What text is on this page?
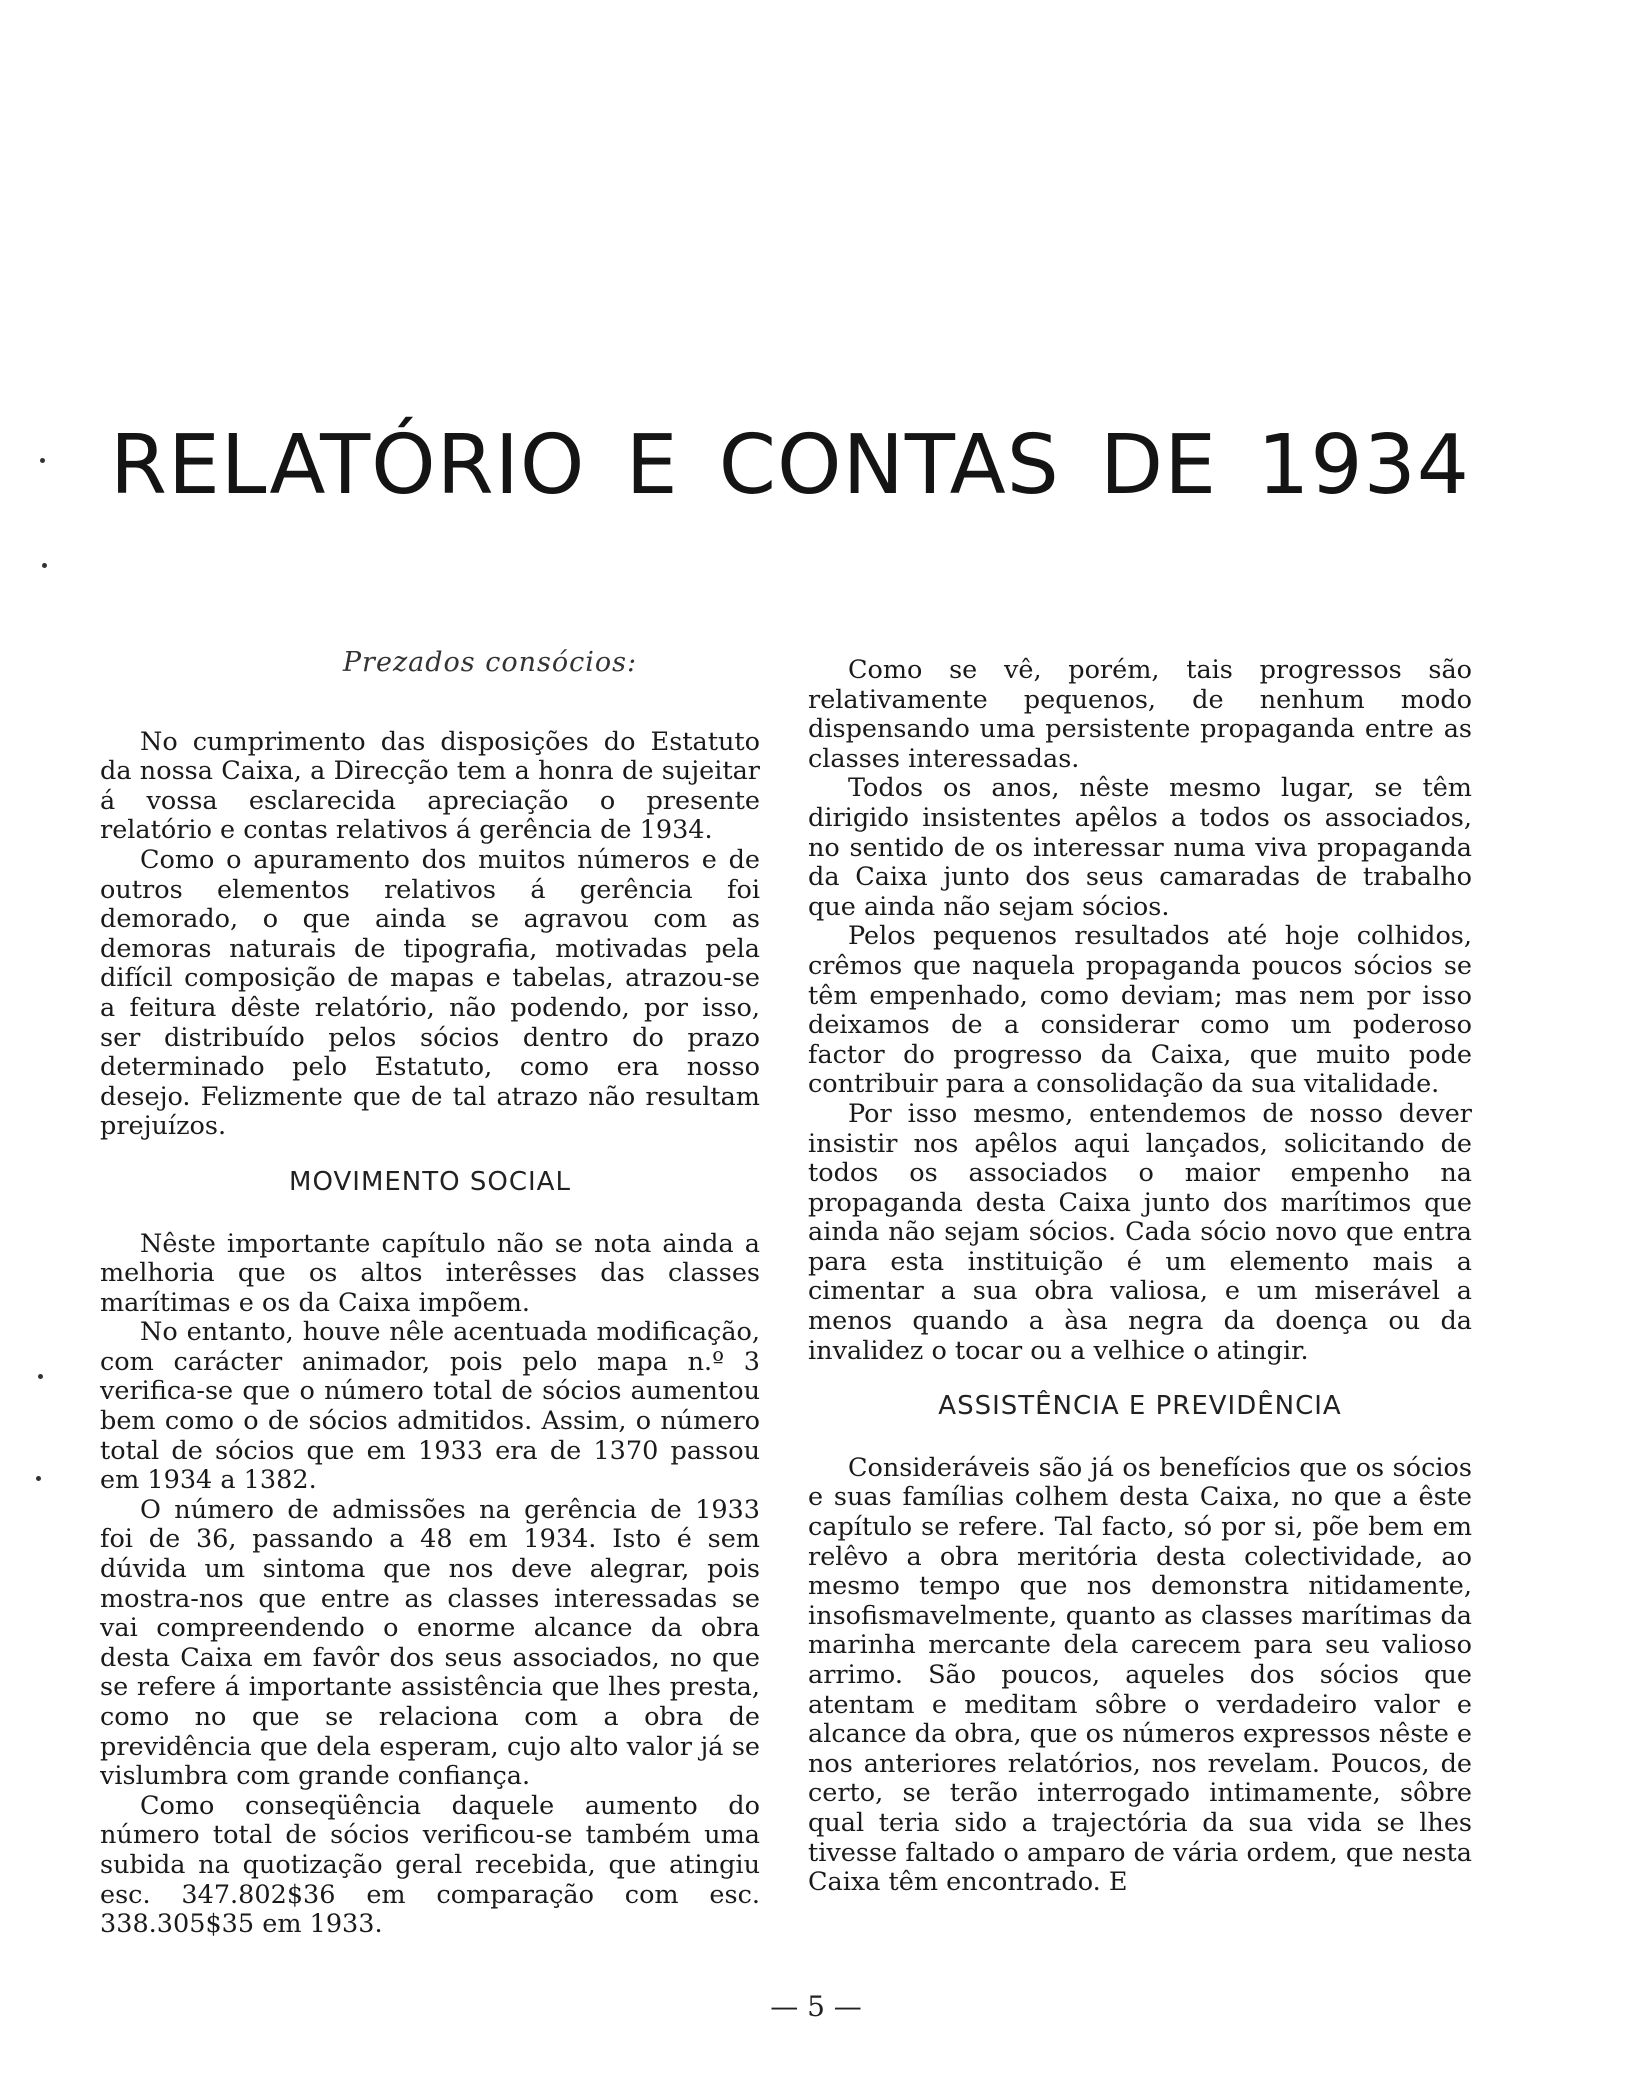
RELATÓRIO E CONTAS DE 1934

Prezados consócios:

No cumprimento das disposições do Estatuto da nossa Caixa, a Direcção tem a honra de sujeitar á vossa esclarecida apreciação o presente relatório e contas relativos á gerência de 1934.

Como o apuramento dos muitos números e de outros elementos relativos á gerência foi demorado, o que ainda se agravou com as demoras naturais de tipografia, motivadas pela difícil composição de mapas e tabelas, atrazou-se a feitura dêste relatório, não podendo, por isso, ser distribuído pelos sócios dentro do prazo determinado pelo Estatuto, como era nosso desejo. Felizmente que de tal atrazo não resultam prejuízos.

MOVIMENTO SOCIAL

Nêste importante capítulo não se nota ainda a melhoria que os altos interêsses das classes marítimas e os da Caixa impõem.

No entanto, houve nêle acentuada modificação, com carácter animador, pois pelo mapa n.º 3 verifica-se que o número total de sócios aumentou bem como o de sócios admitidos. Assim, o número total de sócios que em 1933 era de 1370 passou em 1934 a 1382.

O número de admissões na gerência de 1933 foi de 36, passando a 48 em 1934. Isto é sem dúvida um sintoma que nos deve alegrar, pois mostra-nos que entre as classes interessadas se vai compreendendo o enorme alcance da obra desta Caixa em favôr dos seus associados, no que se refere á importante assistência que lhes presta, como no que se relaciona com a obra de previdência que dela esperam, cujo alto valor já se vislumbra com grande confiança.

Como conseqüência daquele aumento do número total de sócios verificou-se também uma subida na quotização geral recebida, que atingiu esc. 347.802$36 em comparação com esc. 338.305$35 em 1933.

Como se vê, porém, tais progressos são relativamente pequenos, de nenhum modo dispensando uma persistente propaganda entre as classes interessadas.

Todos os anos, nêste mesmo lugar, se têm dirigido insistentes apêlos a todos os associados, no sentido de os interessar numa viva propaganda da Caixa junto dos seus camaradas de trabalho que ainda não sejam sócios.

Pelos pequenos resultados até hoje colhidos, crêmos que naquela propaganda poucos sócios se têm empenhado, como deviam; mas nem por isso deixamos de a considerar como um poderoso factor do progresso da Caixa, que muito pode contribuir para a consolidação da sua vitalidade.

Por isso mesmo, entendemos de nosso dever insistir nos apêlos aqui lançados, solicitando de todos os associados o maior empenho na propaganda desta Caixa junto dos marítimos que ainda não sejam sócios. Cada sócio novo que entra para esta instituição é um elemento mais a cimentar a sua obra valiosa, e um miserável a menos quando a àsa negra da doença ou da invalidez o tocar ou a velhice o atingir.

ASSISTÊNCIA E PREVIDÊNCIA

Consideráveis são já os benefícios que os sócios e suas famílias colhem desta Caixa, no que a êste capítulo se refere. Tal facto, só por si, põe bem em relêvo a obra meritória desta colectividade, ao mesmo tempo que nos demonstra nitidamente, insofismavelmente, quanto as classes marítimas da marinha mercante dela carecem para seu valioso arrimo. São poucos, aqueles dos sócios que atentam e meditam sôbre o verdadeiro valor e alcance da obra, que os números expressos nêste e nos anteriores relatórios, nos revelam. Poucos, de certo, se terão interrogado intimamente, sôbre qual teria sido a trajectória da sua vida se lhes tivesse faltado o amparo de vária ordem, que nesta Caixa têm encontrado. E

— 5 —
